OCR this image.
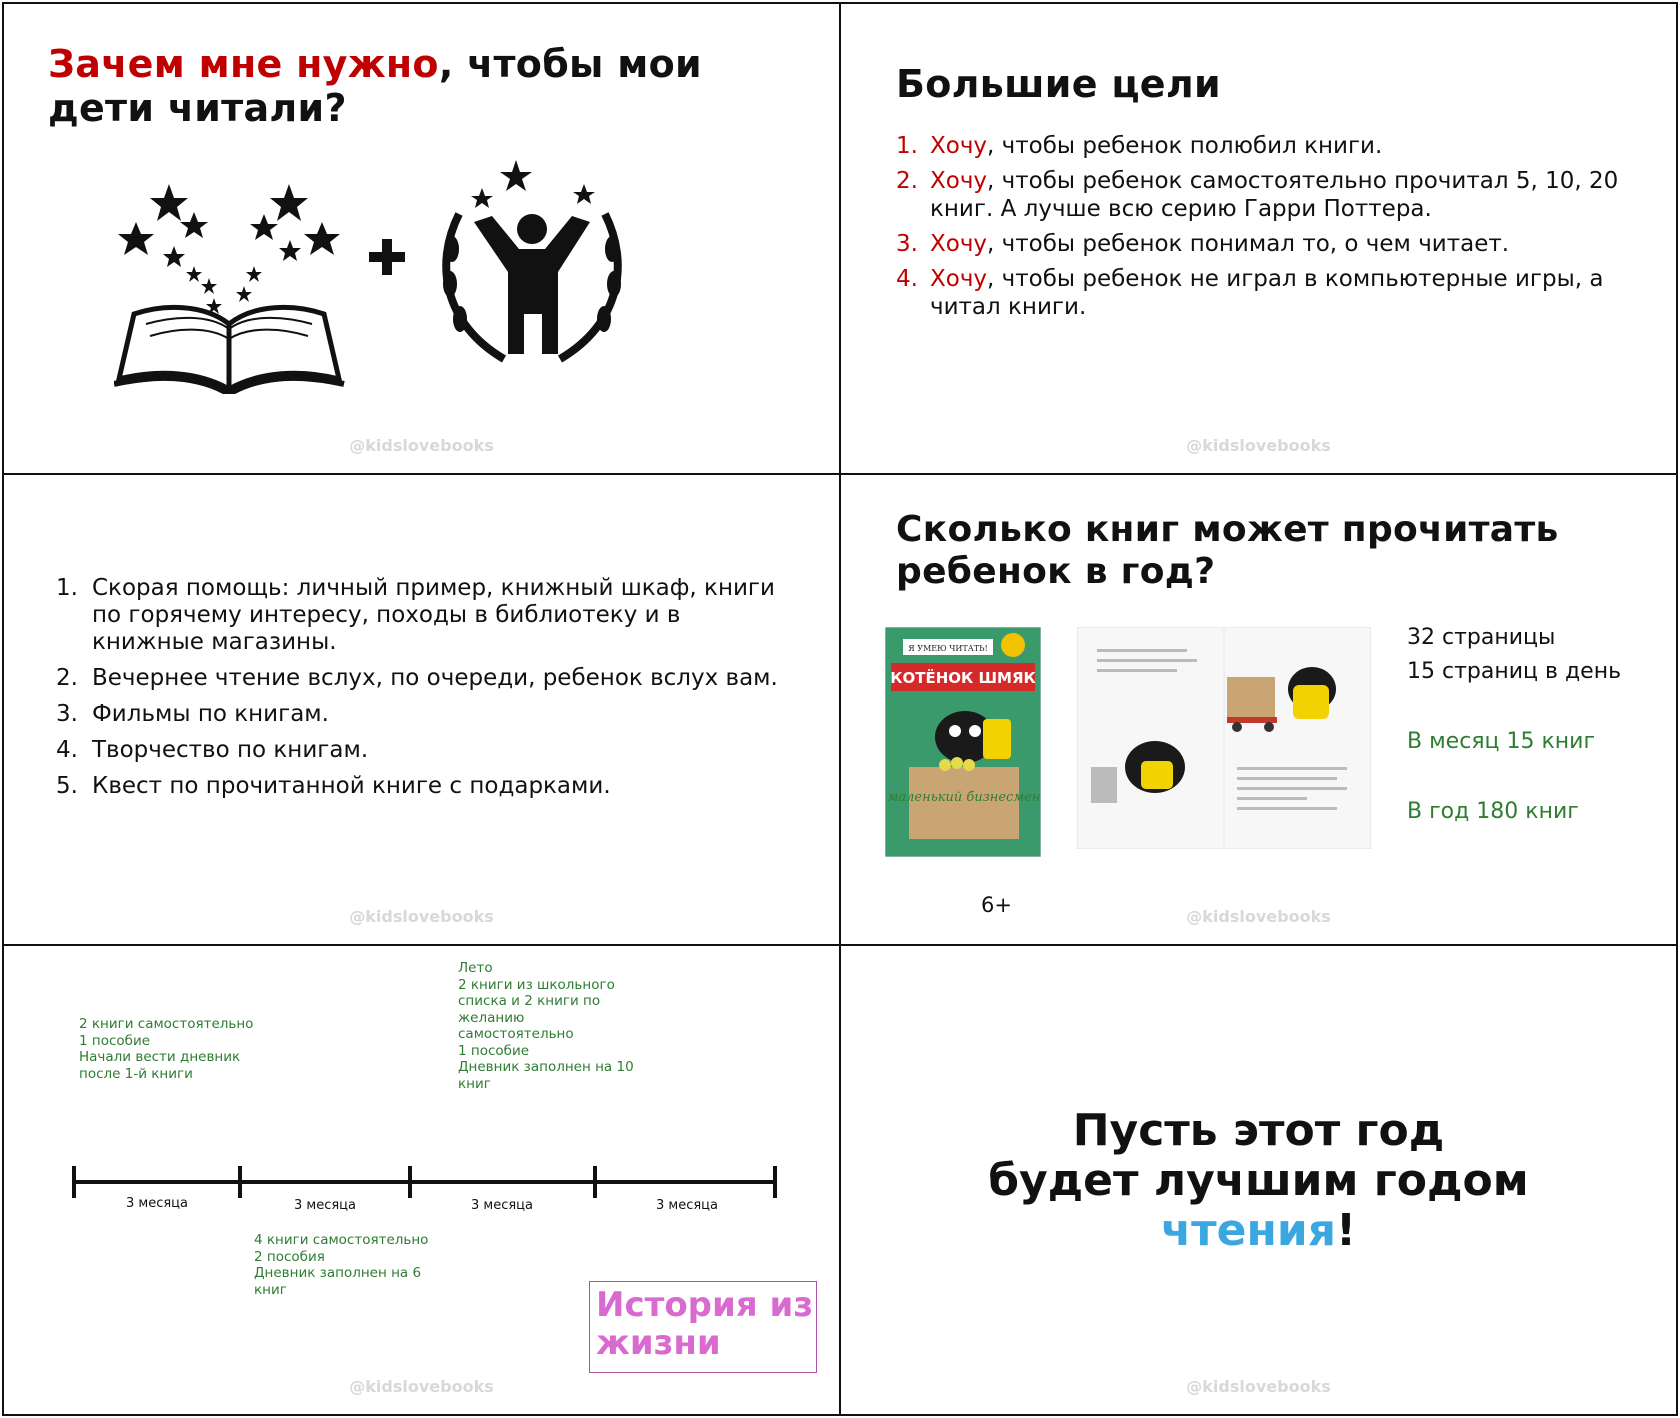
Зачем мне нужно, чтобы мои дети читали?
@kidslovebooks
Большие цели
1. Хочу, чтобы ребенок полюбил книги.
2. Хочу, чтобы ребенок самостоятельно прочитал 5, 10, 20 книг. А лучше всю серию Гарри Поттера.
3. Хочу, чтобы ребенок понимал то, о чем читает.
4. Хочу, чтобы ребенок не играл в компьютерные игры, а читал книги.
@kidslovebooks
1. Скорая помощь: личный пример, книжный шкаф, книги по горячему интересу, походы в библиотеку и в книжные магазины.
2. Вечернее чтение вслух, по очереди, ребенок вслух вам.
3. Фильмы по книгам.
4. Творчество по книгам.
5. Квест по прочитанной книге с подарками.
@kidslovebooks
Сколько книг может прочитать ребенок в год?
Я УМЕЮ ЧИТАТЬ!
КОТЁНОК ШМЯК
маленький бизнесмен
6+
32 страницы
15 страниц в день
В месяц 15 книг
В год 180 книг
@kidslovebooks
2 книги самостоятельно
1 пособие
Начали вести дневник
после 1-й книги
Лето
2 книги из школьного
списка и 2 книги по
желанию
самостоятельно
1 пособие
Дневник заполнен на 10
книг
4 книги самостоятельно
2 пособия
Дневник заполнен на 6
книг
3 месяца	3 месяца	3 месяца	3 месяца
История из жизни
@kidslovebooks
Пусть этот год
будет лучшим годом
чтения!
@kidslovebooks
